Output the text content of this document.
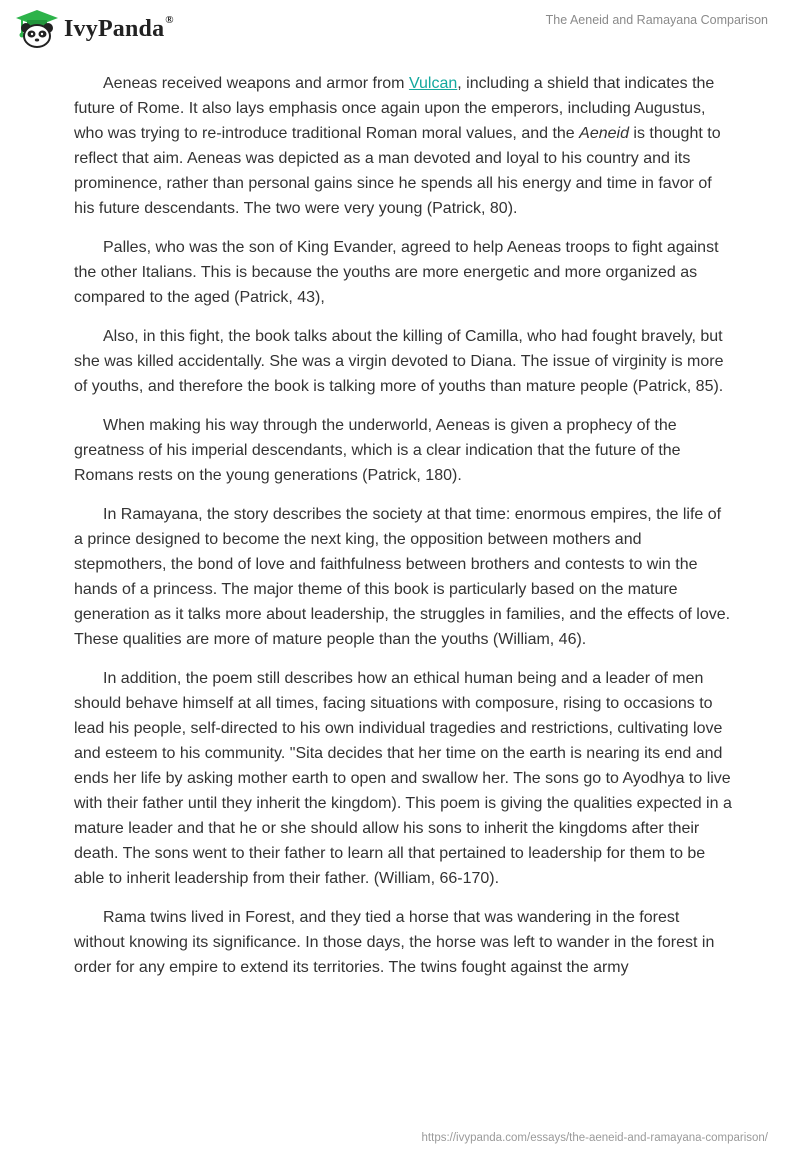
IvyPanda®	The Aeneid and Ramayana Comparison

Aeneas received weapons and armor from Vulcan, including a shield that indicates the future of Rome. It also lays emphasis once again upon the emperors, including Augustus, who was trying to re-introduce traditional Roman moral values, and the Aeneid is thought to reflect that aim. Aeneas was depicted as a man devoted and loyal to his country and its prominence, rather than personal gains since he spends all his energy and time in favor of his future descendants. The two were very young (Patrick, 80).

Palles, who was the son of King Evander, agreed to help Aeneas troops to fight against the other Italians. This is because the youths are more energetic and more organized as compared to the aged (Patrick, 43),

Also, in this fight, the book talks about the killing of Camilla, who had fought bravely, but she was killed accidentally. She was a virgin devoted to Diana. The issue of virginity is more of youths, and therefore the book is talking more of youths than mature people (Patrick, 85).

When making his way through the underworld, Aeneas is given a prophecy of the greatness of his imperial descendants, which is a clear indication that the future of the Romans rests on the young generations (Patrick, 180).

In Ramayana, the story describes the society at that time: enormous empires, the life of a prince designed to become the next king, the opposition between mothers and stepmothers, the bond of love and faithfulness between brothers and contests to win the hands of a princess. The major theme of this book is particularly based on the mature generation as it talks more about leadership, the struggles in families, and the effects of love. These qualities are more of mature people than the youths (William, 46).

In addition, the poem still describes how an ethical human being and a leader of men should behave himself at all times, facing situations with composure, rising to occasions to lead his people, self-directed to his own individual tragedies and restrictions, cultivating love and esteem to his community. "Sita decides that her time on the earth is nearing its end and ends her life by asking mother earth to open and swallow her. The sons go to Ayodhya to live with their father until they inherit the kingdom). This poem is giving the qualities expected in a mature leader and that he or she should allow his sons to inherit the kingdoms after their death. The sons went to their father to learn all that pertained to leadership for them to be able to inherit leadership from their father. (William, 66-170).

Rama twins lived in Forest, and they tied a horse that was wandering in the forest without knowing its significance. In those days, the horse was left to wander in the forest in order for any empire to extend its territories. The twins fought against the army

https://ivypanda.com/essays/the-aeneid-and-ramayana-comparison/
